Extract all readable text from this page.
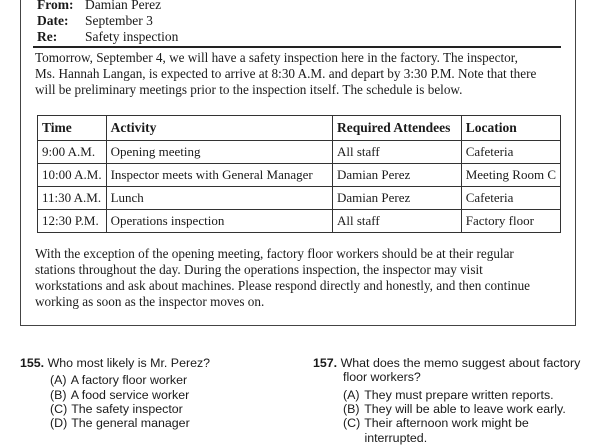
From: Damian Perez
Date: September 3
Re: Safety inspection

Tomorrow, September 4, we will have a safety inspection here in the factory. The inspector,
Ms. Hannah Langan, is expected to arrive at 8:30 A.M. and depart by 3:30 P.M. Note that there
will be preliminary meetings prior to the inspection itself. The schedule is below.

Time	Activity	Required Attendees	Location
9:00 A.M.	Opening meeting	All staff	Cafeteria
10:00 A.M.	Inspector meets with General Manager	Damian Perez	Meeting Room C
11:30 A.M.	Lunch	Damian Perez	Cafeteria
12:30 P.M.	Operations inspection	All staff	Factory floor

With the exception of the opening meeting, factory floor workers should be at their regular
stations throughout the day. During the operations inspection, the inspector may visit
workstations and ask about machines. Please respond directly and honestly, and then continue
working as soon as the inspector moves on.

155. Who most likely is Mr. Perez?
(A) A factory floor worker
(B) A food service worker
(C) The safety inspector
(D) The general manager
157. What does the memo suggest about factory
floor workers?
(A) They must prepare written reports.
(B) They will be able to leave work early.
(C) Their afternoon work might be
interrupted.
